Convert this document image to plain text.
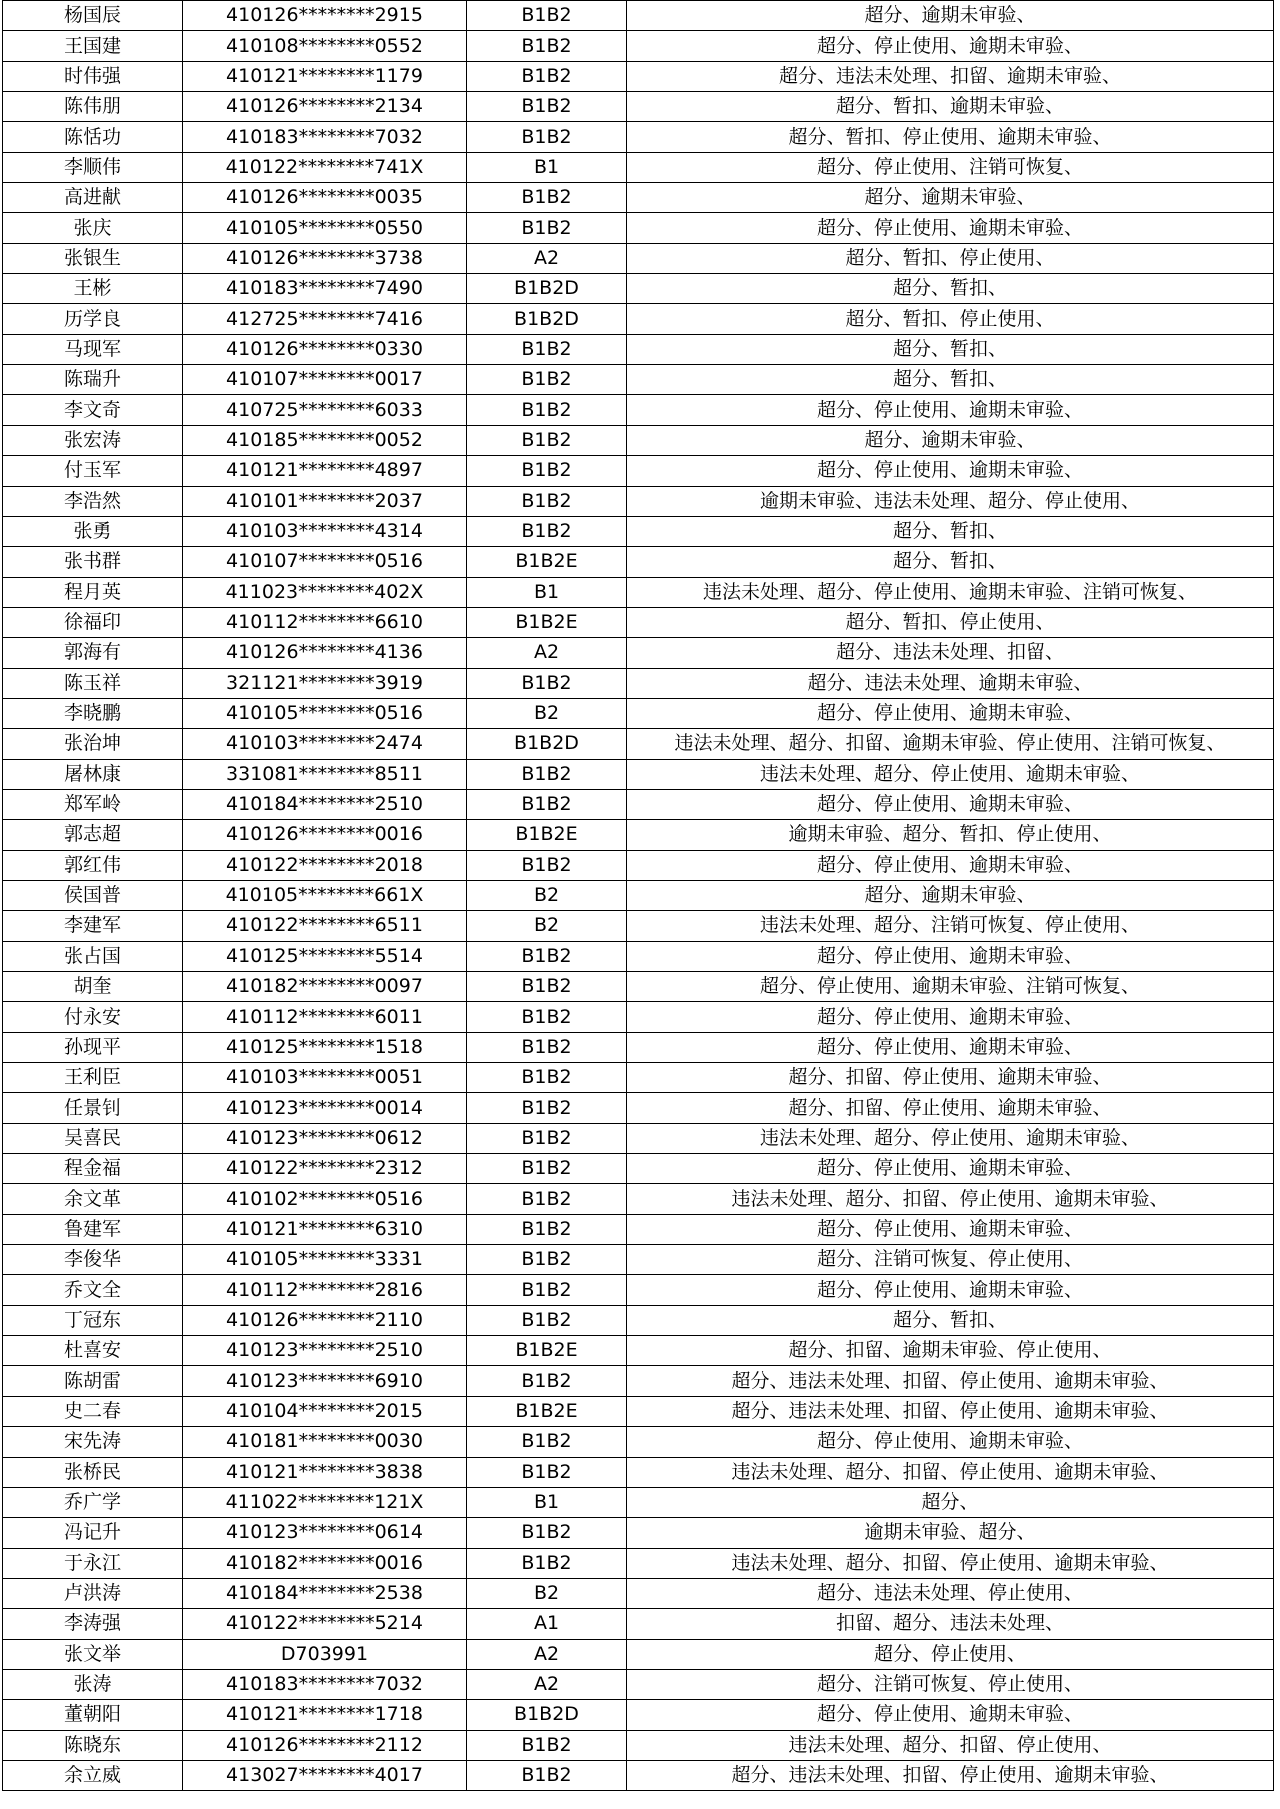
杨国辰	410126********2915	B1B2	超分、逾期未审验、
王国建	410108********0552	B1B2	超分、停止使用、逾期未审验、
时伟强	410121********1179	B1B2	超分、违法未处理、扣留、逾期未审验、
陈伟朋	410126********2134	B1B2	超分、暂扣、逾期未审验、
陈恬功	410183********7032	B1B2	超分、暂扣、停止使用、逾期未审验、
李顺伟	410122********741X	B1	超分、停止使用、注销可恢复、
高进献	410126********0035	B1B2	超分、逾期未审验、
张庆	410105********0550	B1B2	超分、停止使用、逾期未审验、
张银生	410126********3738	A2	超分、暂扣、停止使用、
王彬	410183********7490	B1B2D	超分、暂扣、
历学良	412725********7416	B1B2D	超分、暂扣、停止使用、
马现军	410126********0330	B1B2	超分、暂扣、
陈瑞升	410107********0017	B1B2	超分、暂扣、
李文奇	410725********6033	B1B2	超分、停止使用、逾期未审验、
张宏涛	410185********0052	B1B2	超分、逾期未审验、
付玉军	410121********4897	B1B2	超分、停止使用、逾期未审验、
李浩然	410101********2037	B1B2	逾期未审验、违法未处理、超分、停止使用、
张勇	410103********4314	B1B2	超分、暂扣、
张书群	410107********0516	B1B2E	超分、暂扣、
程月英	411023********402X	B1	违法未处理、超分、停止使用、逾期未审验、注销可恢复、
徐福印	410112********6610	B1B2E	超分、暂扣、停止使用、
郭海有	410126********4136	A2	超分、违法未处理、扣留、
陈玉祥	321121********3919	B1B2	超分、违法未处理、逾期未审验、
李晓鹏	410105********0516	B2	超分、停止使用、逾期未审验、
张治坤	410103********2474	B1B2D	违法未处理、超分、扣留、逾期未审验、停止使用、注销可恢复、
屠林康	331081********8511	B1B2	违法未处理、超分、停止使用、逾期未审验、
郑军岭	410184********2510	B1B2	超分、停止使用、逾期未审验、
郭志超	410126********0016	B1B2E	逾期未审验、超分、暂扣、停止使用、
郭红伟	410122********2018	B1B2	超分、停止使用、逾期未审验、
侯国普	410105********661X	B2	超分、逾期未审验、
李建军	410122********6511	B2	违法未处理、超分、注销可恢复、停止使用、
张占国	410125********5514	B1B2	超分、停止使用、逾期未审验、
胡奎	410182********0097	B1B2	超分、停止使用、逾期未审验、注销可恢复、
付永安	410112********6011	B1B2	超分、停止使用、逾期未审验、
孙现平	410125********1518	B1B2	超分、停止使用、逾期未审验、
王利臣	410103********0051	B1B2	超分、扣留、停止使用、逾期未审验、
任景钊	410123********0014	B1B2	超分、扣留、停止使用、逾期未审验、
吴喜民	410123********0612	B1B2	违法未处理、超分、停止使用、逾期未审验、
程金福	410122********2312	B1B2	超分、停止使用、逾期未审验、
余文革	410102********0516	B1B2	违法未处理、超分、扣留、停止使用、逾期未审验、
鲁建军	410121********6310	B1B2	超分、停止使用、逾期未审验、
李俊华	410105********3331	B1B2	超分、注销可恢复、停止使用、
乔文全	410112********2816	B1B2	超分、停止使用、逾期未审验、
丁冠东	410126********2110	B1B2	超分、暂扣、
杜喜安	410123********2510	B1B2E	超分、扣留、逾期未审验、停止使用、
陈胡雷	410123********6910	B1B2	超分、违法未处理、扣留、停止使用、逾期未审验、
史二春	410104********2015	B1B2E	超分、违法未处理、扣留、停止使用、逾期未审验、
宋先涛	410181********0030	B1B2	超分、停止使用、逾期未审验、
张桥民	410121********3838	B1B2	违法未处理、超分、扣留、停止使用、逾期未审验、
乔广学	411022********121X	B1	超分、
冯记升	410123********0614	B1B2	逾期未审验、超分、
于永江	410182********0016	B1B2	违法未处理、超分、扣留、停止使用、逾期未审验、
卢洪涛	410184********2538	B2	超分、违法未处理、停止使用、
李涛强	410122********5214	A1	扣留、超分、违法未处理、
张文举	D703991	A2	超分、停止使用、
张涛	410183********7032	A2	超分、注销可恢复、停止使用、
董朝阳	410121********1718	B1B2D	超分、停止使用、逾期未审验、
陈晓东	410126********2112	B1B2	违法未处理、超分、扣留、停止使用、
余立威	413027********4017	B1B2	超分、违法未处理、扣留、停止使用、逾期未审验、
